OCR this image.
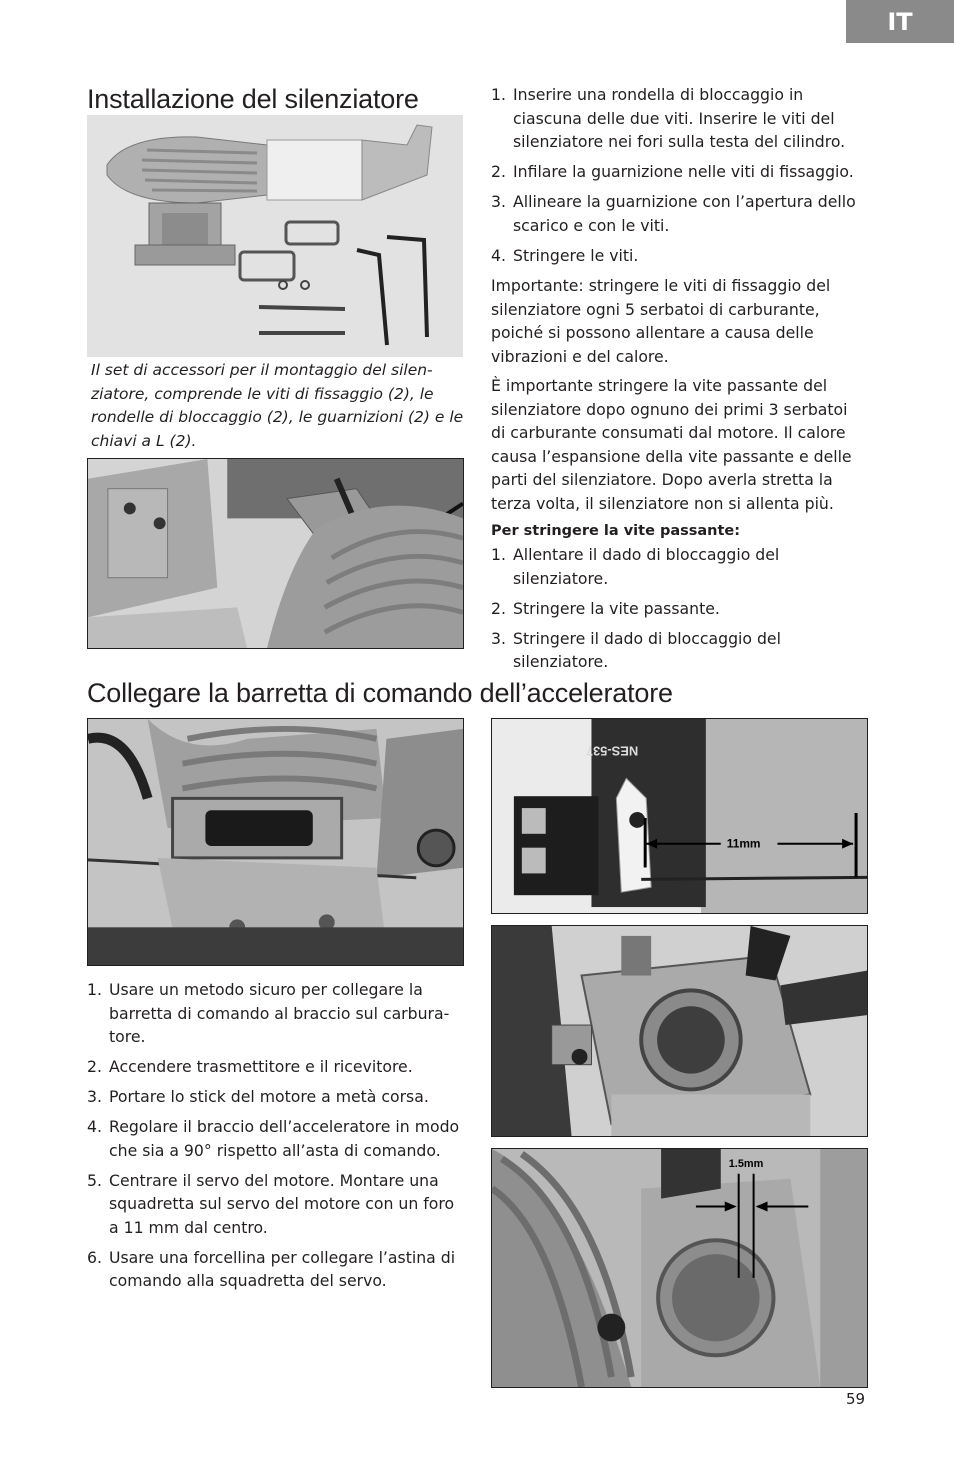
IT
Installazione del silenziatore

Il set di accessori per il montaggio del silen-ziatore, comprende le viti di fissaggio (2), le rondelle di bloccaggio (2), le guarnizioni (2) e le chiavi a L (2).

1. Inserire una rondella di bloccaggio in ciascuna delle due viti. Inserire le viti del silenziatore nei fori sulla testa del cilindro.
2. Infilare la guarnizione nelle viti di fissaggio.
3. Allineare la guarnizione con l’apertura dello scarico e con le viti.
4. Stringere le viti.

Importante: stringere le viti di fissaggio del silenziatore ogni 5 serbatoi di carburante, poiché si possono allentare a causa delle vibrazioni e del calore.

È importante stringere la vite passante del silenziatore dopo ognuno dei primi 3 serbatoi di carburante consumati dal motore. Il calore causa l’espansione della vite passante e delle parti del silenziatore. Dopo averla stretta la terza volta, il silenziatore non si allenta più.

Per stringere la vite passante:

1. Allentare il dado di bloccaggio del silenziatore.
2. Stringere la vite passante.
3. Stringere il dado di bloccaggio del silenziatore.
Collegare la barretta di comando dell’acceleratore
1. Usare un metodo sicuro per collegare la barretta di comando al braccio sul carbura-tore.
2. Accendere trasmettitore e il ricevitore.
3. Portare lo stick del motore a metà corsa.
4. Regolare il braccio dell’acceleratore in modo che sia a 90° rispetto all’asta di comando.
5. Centrare il servo del motore. Montare una squadretta sul servo del motore con un foro a 11 mm dal centro.
6. Usare una forcellina per collegare l’astina di comando alla squadretta del servo.
NES-537
11mm
1.5mm
59
